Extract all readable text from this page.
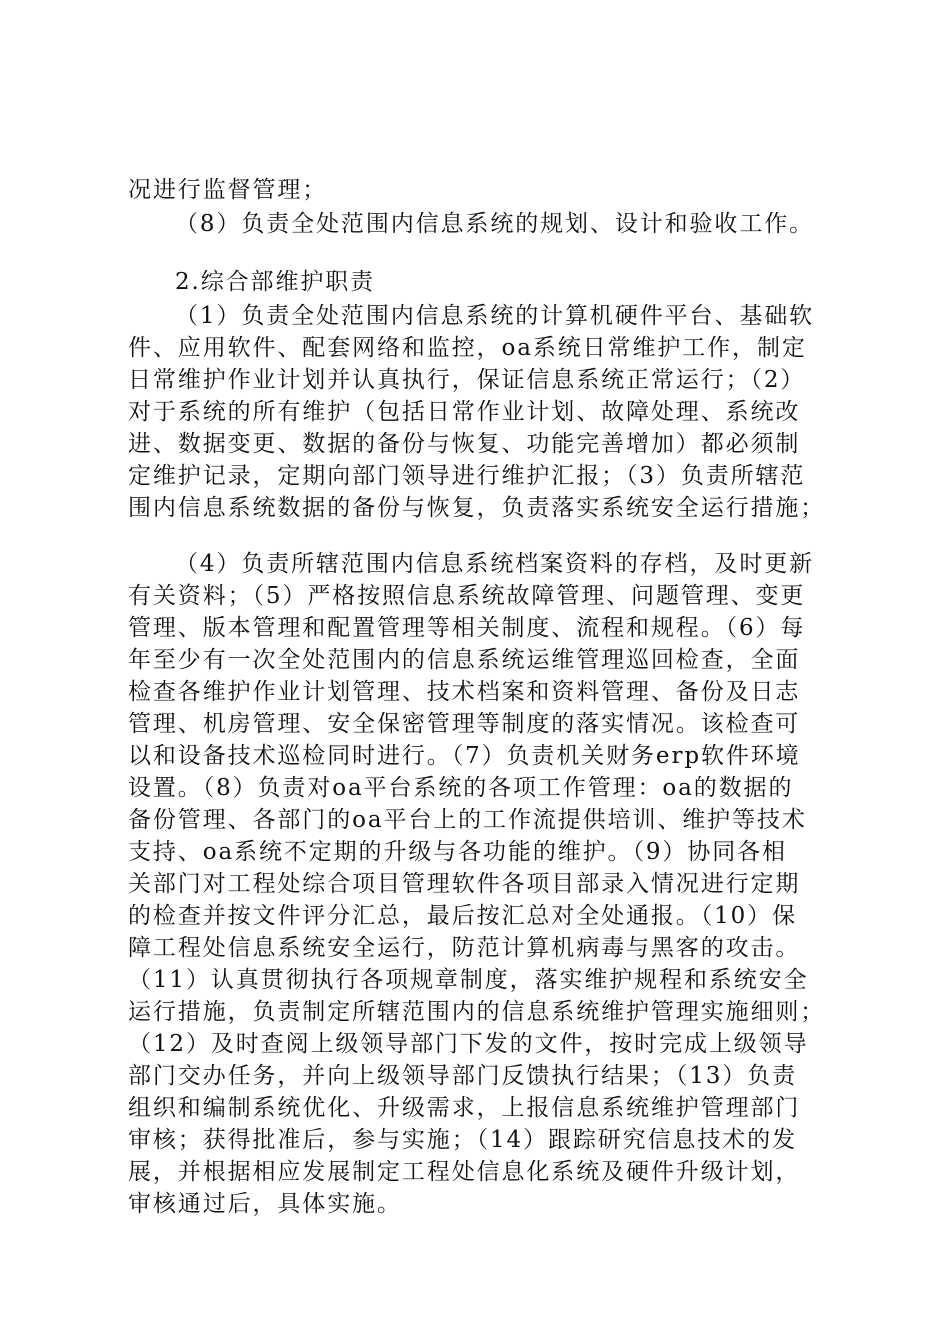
况进行监督管理；
（8）负责全处范围内信息系统的规划、设计和验收工作。
2.综合部维护职责
（1）负责全处范围内信息系统的计算机硬件平台、基础软
件、应用软件、配套网络和监控，oa系统日常维护工作，制定
日常维护作业计划并认真执行，保证信息系统正常运行；（2）
对于系统的所有维护（包括日常作业计划、故障处理、系统改
进、数据变更、数据的备份与恢复、功能完善增加）都必须制
定维护记录，定期向部门领导进行维护汇报；（3）负责所辖范
围内信息系统数据的备份与恢复，负责落实系统安全运行措施；
（4）负责所辖范围内信息系统档案资料的存档，及时更新
有关资料；（5）严格按照信息系统故障管理、问题管理、变更
管理、版本管理和配置管理等相关制度、流程和规程。（6）每
年至少有一次全处范围内的信息系统运维管理巡回检查，全面
检查各维护作业计划管理、技术档案和资料管理、备份及日志
管理、机房管理、安全保密管理等制度的落实情况。该检查可
以和设备技术巡检同时进行。（7）负责机关财务erp软件环境
设置。（8）负责对oa平台系统的各项工作管理：oa的数据的
备份管理、各部门的oa平台上的工作流提供培训、维护等技术
支持、oa系统不定期的升级与各功能的维护。（9）协同各相
关部门对工程处综合项目管理软件各项目部录入情况进行定期
的检查并按文件评分汇总，最后按汇总对全处通报。（10）保
障工程处信息系统安全运行，防范计算机病毒与黑客的攻击。
（11）认真贯彻执行各项规章制度，落实维护规程和系统安全
运行措施，负责制定所辖范围内的信息系统维护管理实施细则；
（12）及时查阅上级领导部门下发的文件，按时完成上级领导
部门交办任务，并向上级领导部门反馈执行结果；（13）负责
组织和编制系统优化、升级需求，上报信息系统维护管理部门
审核；获得批准后，参与实施；（14）跟踪研究信息技术的发
展，并根据相应发展制定工程处信息化系统及硬件升级计划，
审核通过后，具体实施。
